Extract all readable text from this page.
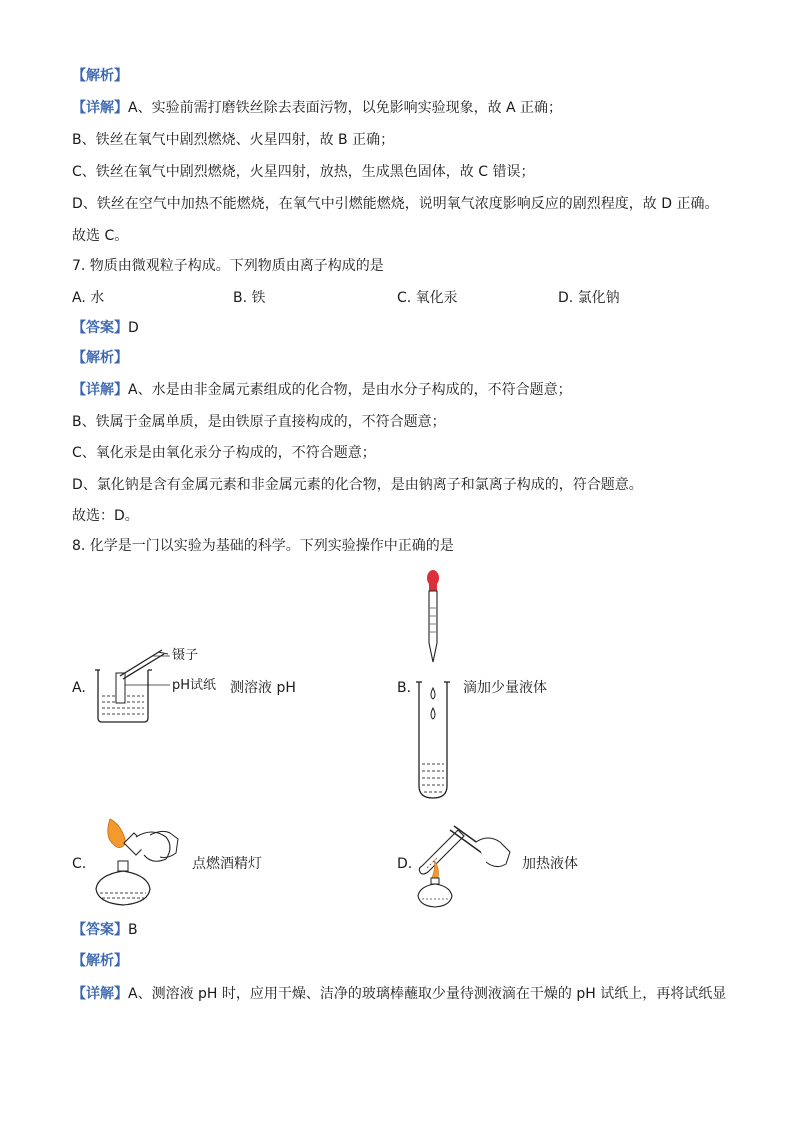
【解析】
【详解】A、实验前需打磨铁丝除去表面污物，以免影响实验现象，故 A 正确；
B、铁丝在氧气中剧烈燃烧、火星四射，故 B 正确；
C、铁丝在氧气中剧烈燃烧，火星四射，放热，生成黑色固体，故 C 错误；
D、铁丝在空气中加热不能燃烧，在氧气中引燃能燃烧，说明氧气浓度影响反应的剧烈程度，故 D 正确。
故选 C。
7. 物质由微观粒子构成。下列物质由离子构成的是
A. 水	B. 铁	C. 氧化汞	D. 氯化钠
【答案】D
【解析】
【详解】A、水是由非金属元素组成的化合物，是由水分子构成的，不符合题意；
B、铁属于金属单质，是由铁原子直接构成的，不符合题意；
C、氧化汞是由氧化汞分子构成的，不符合题意；
D、氯化钠是含有金属元素和非金属元素的化合物，是由钠离子和氯离子构成的，符合题意。
故选：D。
8. 化学是一门以实验为基础的科学。下列实验操作中正确的是
A.
镊子
pH试纸 测溶液 pH	B.	滴加少量液体
C.	点燃酒精灯	D.	加热液体
【答案】B
【解析】
【详解】A、测溶液 pH 时，应用干燥、洁净的玻璃棒蘸取少量待测液滴在干燥的 pH 试纸上，再将试纸显
